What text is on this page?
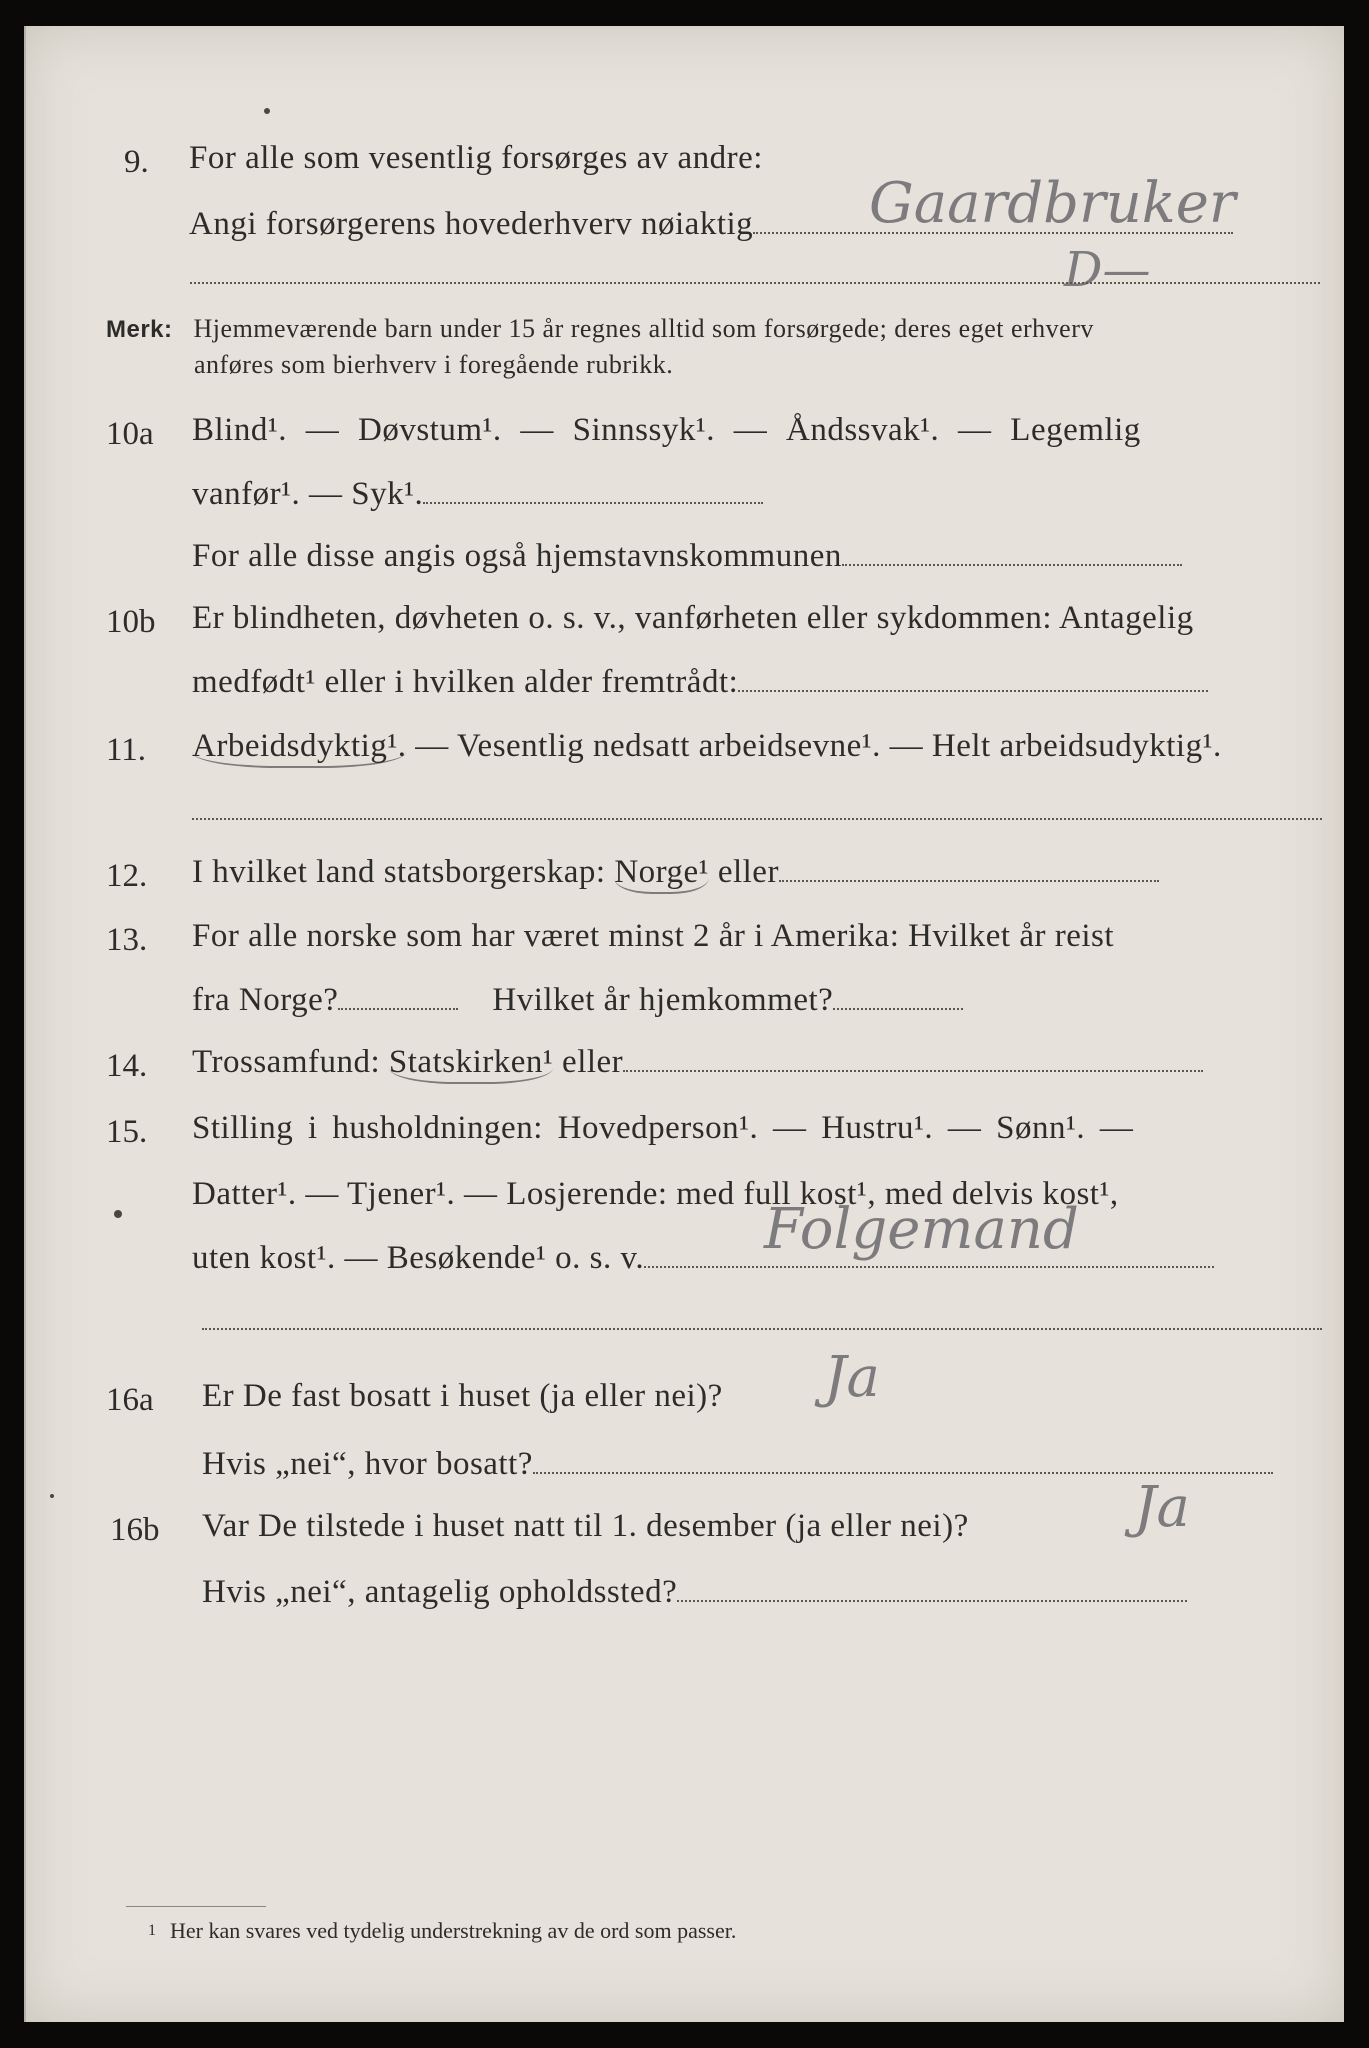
9. For alle som vesentlig forsørges av andre:
Angi forsørgerens hovederhverv nøiaktig	Gaardbruker
D—
Merk: Hjemmeværende barn under 15 år regnes alltid som forsørgede; deres eget erhverv
anføres som bierhverv i foregående rubrikk.
10a Blind¹. — Døvstum¹. — Sinnssyk¹. — Åndssvak¹. — Legemlig
vanfør¹. — Syk¹.
For alle disse angis også hjemstavnskommunen
10b Er blindheten, døvheten o. s. v., vanførheten eller sykdommen: Antagelig
medfødt¹ eller i hvilken alder fremtrådt:
11. Arbeidsdyktig¹. — Vesentlig nedsatt arbeidsevne¹. — Helt arbeidsudyktig¹.
12. I hvilket land statsborgerskap: Norge¹ eller
13. For alle norske som har været minst 2 år i Amerika: Hvilket år reist
fra Norge?	Hvilket år hjemkommet?
14. Trossamfund: Statskirken¹ eller
15. Stilling i husholdningen: Hovedperson¹. — Hustru¹. — Sønn¹. —
Datter¹. — Tjener¹. — Losjerende: med full kost¹, med delvis kost¹,
uten kost¹. — Besøkende¹ o. s. v.	Folgemand
16a Er De fast bosatt i huset (ja eller nei)? Ja
Hvis „nei“, hvor bosatt?
16b Var De tilstede i huset natt til 1. desember (ja eller nei)?	Ja
Hvis „nei“, antagelig opholdssted?
$^1$ Her kan svares ved tydelig understrekning av de ord som passer.
